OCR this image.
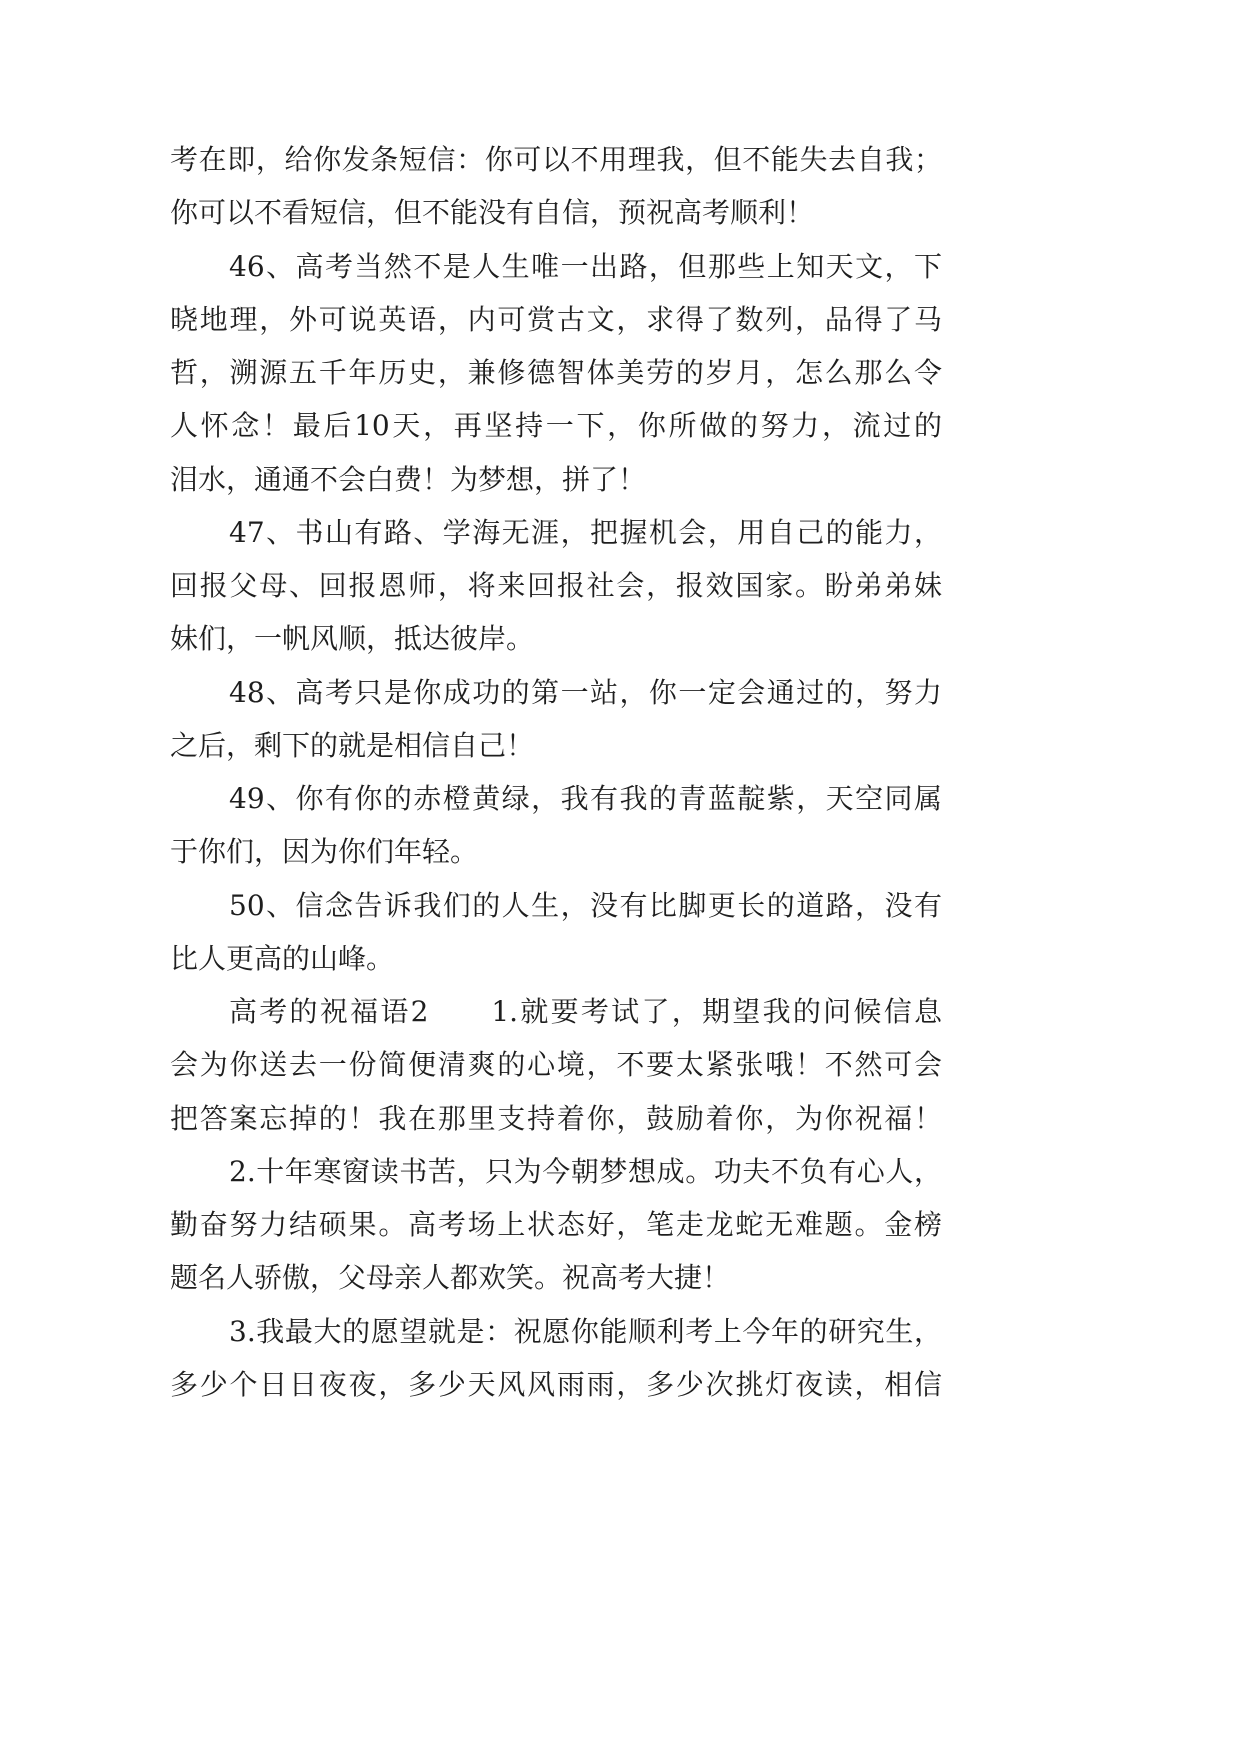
考在即，给你发条短信：你可以不用理我，但不能失去自我；
你可以不看短信，但不能没有自信，预祝高考顺利！
46、高考当然不是人生唯一出路，但那些上知天文，下
晓地理，外可说英语，内可赏古文，求得了数列，品得了马
哲，溯源五千年历史，兼修德智体美劳的岁月，怎么那么令
人怀念！最后10天，再坚持一下，你所做的努力，流过的
泪水，通通不会白费！为梦想，拼了！
47、书山有路、学海无涯，把握机会，用自己的能力，
回报父母、回报恩师，将来回报社会，报效国家。盼弟弟妹
妹们，一帆风顺，抵达彼岸。
48、高考只是你成功的第一站，你一定会通过的，努力
之后，剩下的就是相信自己！
49、你有你的赤橙黄绿，我有我的青蓝靛紫，天空同属
于你们，因为你们年轻。
50、信念告诉我们的人生，没有比脚更长的道路，没有
比人更高的山峰。
高考的祝福语2　　1.就要考试了，期望我的问候信息
会为你送去一份简便清爽的心境，不要太紧张哦！不然可会
把答案忘掉的！我在那里支持着你，鼓励着你，为你祝福！
2.十年寒窗读书苦，只为今朝梦想成。功夫不负有心人，
勤奋努力结硕果。高考场上状态好，笔走龙蛇无难题。金榜
题名人骄傲，父母亲人都欢笑。祝高考大捷！
3.我最大的愿望就是：祝愿你能顺利考上今年的研究生，
多少个日日夜夜，多少天风风雨雨，多少次挑灯夜读，相信
